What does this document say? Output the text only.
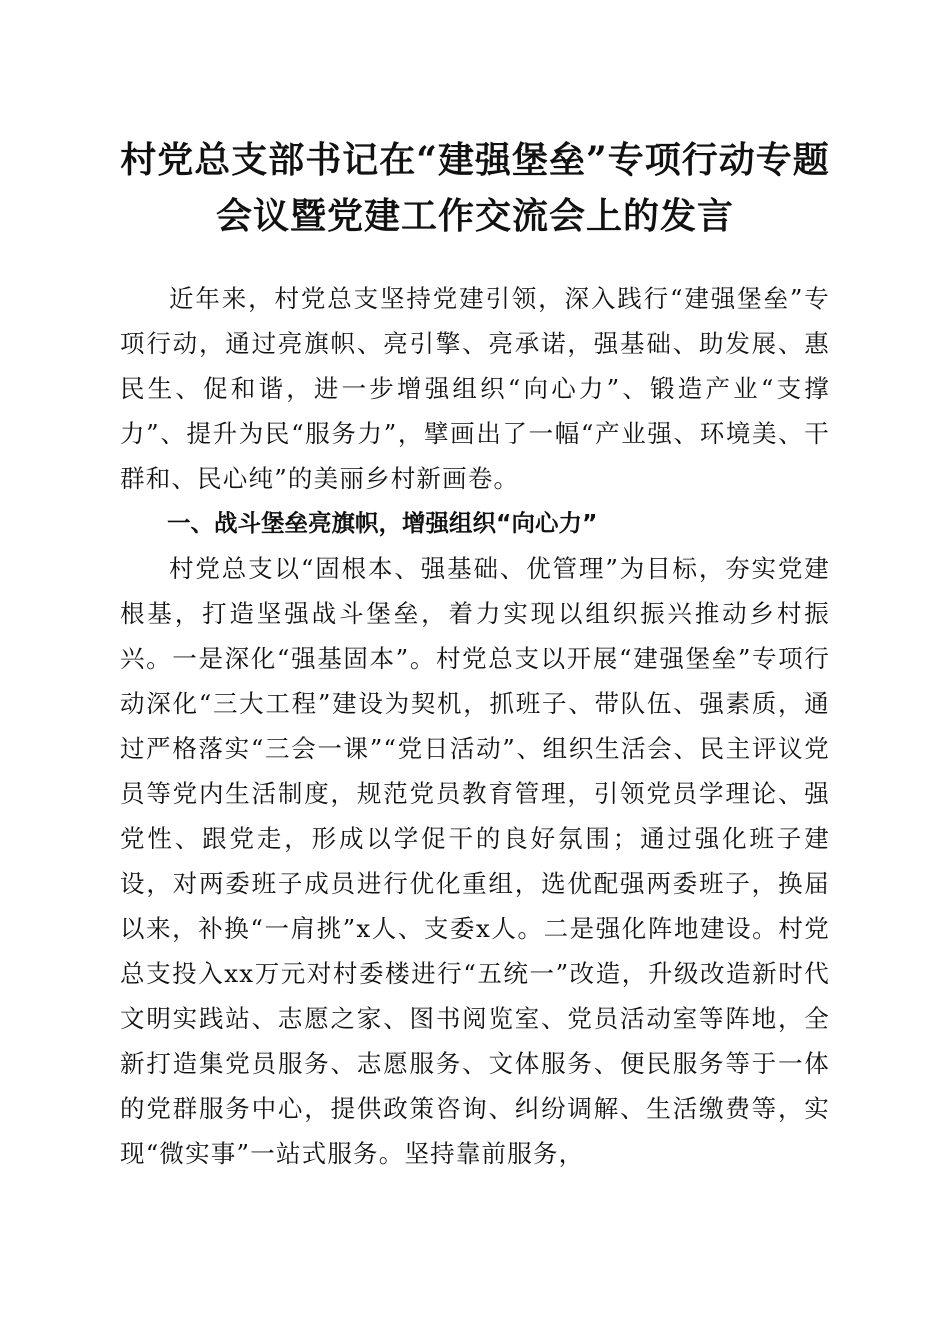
村党总支部书记在“建强堡垒”专项行动专题
会议暨党建工作交流会上的发言

近年来，村党总支坚持党建引领，深入践行“建强堡垒”专项行动，通过亮旗帜、亮引擎、亮承诺，强基础、助发展、惠民生、促和谐，进一步增强组织“向心力”、锻造产业“支撑力”、提升为民“服务力”，擘画出了一幅“产业强、环境美、干群和、民心纯”的美丽乡村新画卷。

一、战斗堡垒亮旗帜，增强组织“向心力”

村党总支以“固根本、强基础、优管理”为目标，夯实党建根基，打造坚强战斗堡垒，着力实现以组织振兴推动乡村振兴。一是深化“强基固本”。村党总支以开展“建强堡垒”专项行动深化“三大工程”建设为契机，抓班子、带队伍、强素质，通过严格落实“三会一课”“党日活动”、组织生活会、民主评议党员等党内生活制度，规范党员教育管理，引领党员学理论、强党性、跟党走，形成以学促干的良好氛围；通过强化班子建设，对两委班子成员进行优化重组，选优配强两委班子，换届以来，补换“一肩挑”x人、支委x人。二是强化阵地建设。村党总支投入xx万元对村委楼进行“五统一”改造，升级改造新时代文明实践站、志愿之家、图书阅览室、党员活动室等阵地，全新打造集党员服务、志愿服务、文体服务、便民服务等于一体的党群服务中心，提供政策咨询、纠纷调解、生活缴费等，实现“微实事”一站式服务。坚持靠前服务，
